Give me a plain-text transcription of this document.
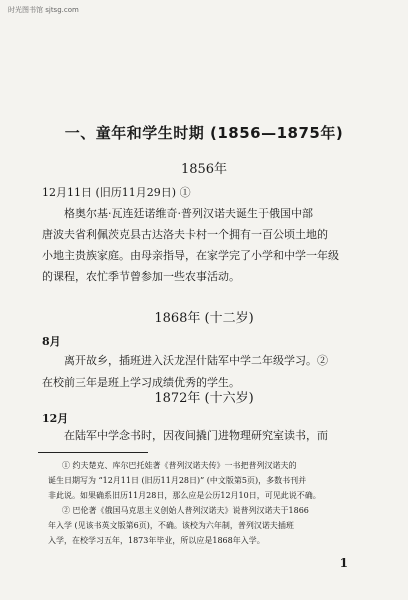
时光图书馆 sjtsg.com
一、童年和学生时期 (1856—1875年)
1856年
12月11日 (旧历11月29日) ①
格奥尔基·瓦连廷诺维奇·普列汉诺夫诞生于俄国中部
唐波夫省利佩茨克县古达洛夫卡村一个拥有一百公顷土地的
小地主贵族家庭。由母亲指导，在家学完了小学和中学一年级
的课程，农忙季节曾参加一些农事活动。
1868年 (十二岁)
8月
离开故乡，插班进入沃龙涅什陆军中学二年级学习。②
在校前三年是班上学习成绩优秀的学生。
1872年 (十六岁)
12月
在陆军中学念书时，因夜间撬门进物理研究室读书，而
① 约夫楚克、库尔巴托娃著《普列汉诺夫传》一书把普列汉诺夫的
诞生日期写为 “12月11日 (旧历11月28日)” (中文版第5页)，多数书刊并
非此说。如果确系旧历11月28日，那么应是公历12月10日，可见此说不确。
② 巴伦著《俄国马克思主义创始人普列汉诺夫》说普列汉诺夫于1866
年入学 (见该书英文版第6页)，不确。该校为六年制，普列汉诺夫插班
入学，在校学习五年，1873年毕业，所以应是1868年入学。
1
